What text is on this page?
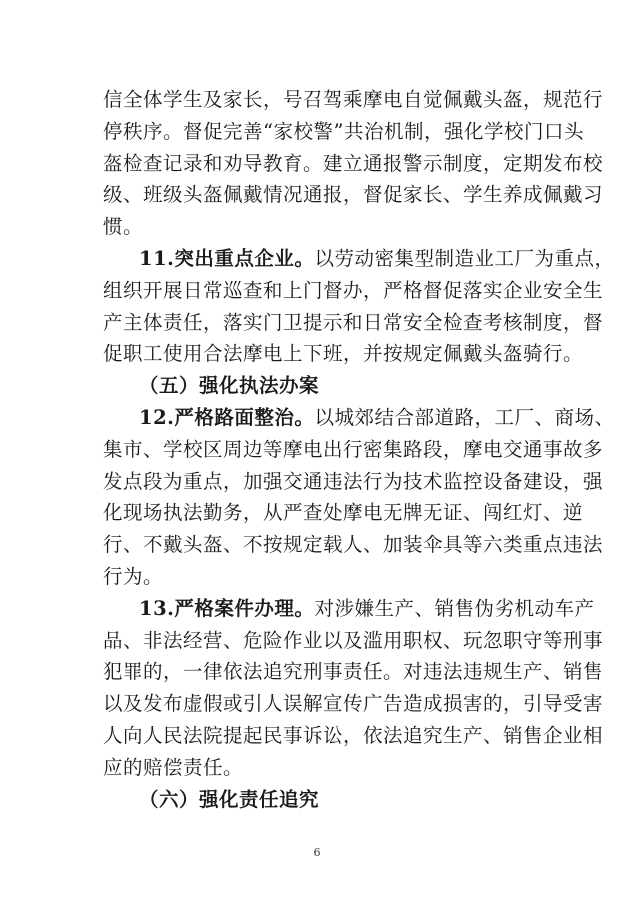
信全体学生及家长，号召驾乘摩电自觉佩戴头盔，规范行
停秩序。督促完善“家校警”共治机制，强化学校门口头
盔检查记录和劝导教育。建立通报警示制度，定期发布校
级、班级头盔佩戴情况通报，督促家长、学生养成佩戴习
惯。
11.突出重点企业。以劳动密集型制造业工厂为重点，
组织开展日常巡查和上门督办，严格督促落实企业安全生
产主体责任，落实门卫提示和日常安全检查考核制度，督
促职工使用合法摩电上下班，并按规定佩戴头盔骑行。
（五）强化执法办案
12.严格路面整治。以城郊结合部道路，工厂、商场、
集市、学校区周边等摩电出行密集路段，摩电交通事故多
发点段为重点，加强交通违法行为技术监控设备建设，强
化现场执法勤务，从严查处摩电无牌无证、闯红灯、逆
行、不戴头盔、不按规定载人、加装伞具等六类重点违法
行为。
13.严格案件办理。对涉嫌生产、销售伪劣机动车产
品、非法经营、危险作业以及滥用职权、玩忽职守等刑事
犯罪的，一律依法追究刑事责任。对违法违规生产、销售
以及发布虚假或引人误解宣传广告造成损害的，引导受害
人向人民法院提起民事诉讼，依法追究生产、销售企业相
应的赔偿责任。
（六）强化责任追究
6
